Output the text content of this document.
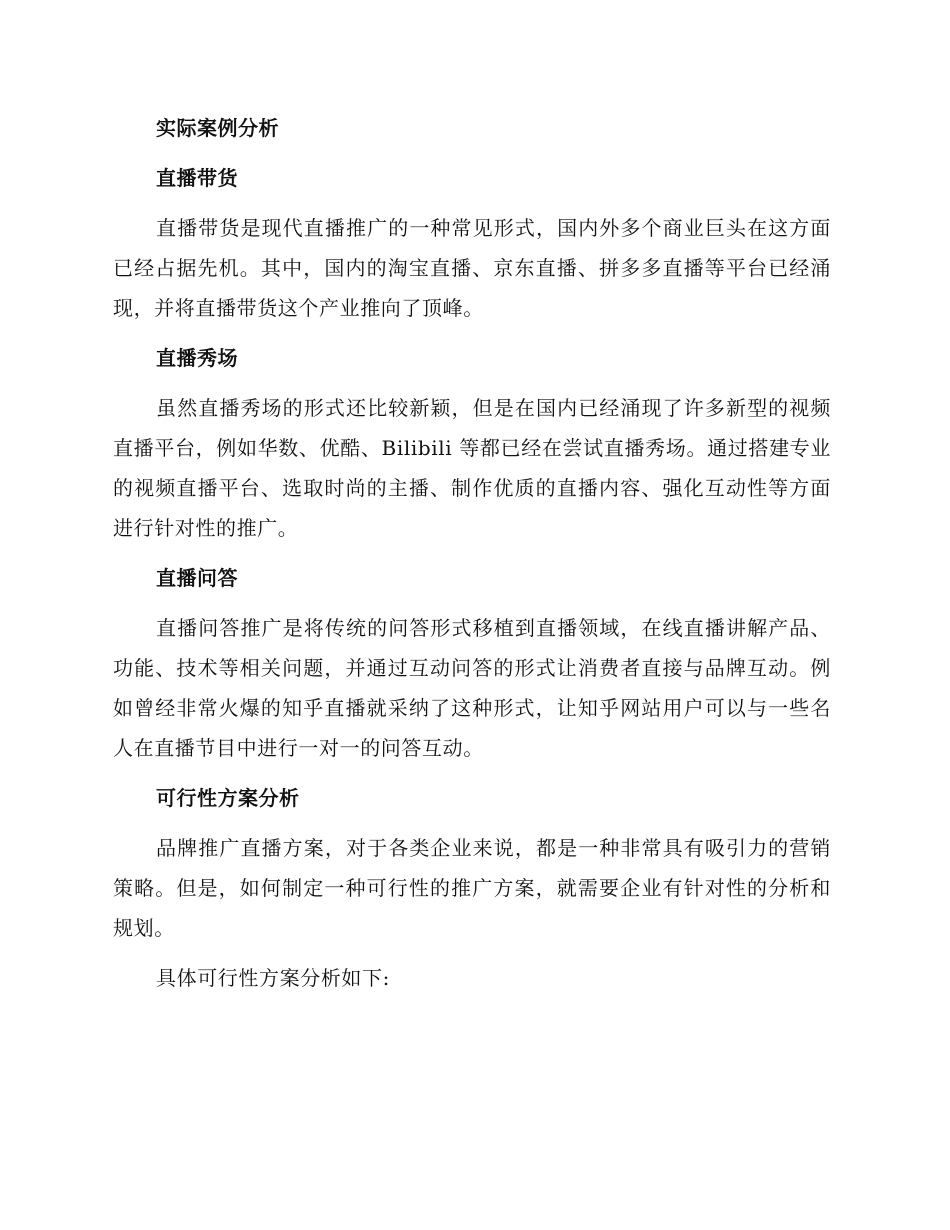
实际案例分析
直播带货

直播带货是现代直播推广的一种常见形式，国内外多个商业巨头在这方面已经占据先机。其中，国内的淘宝直播、京东直播、拼多多直播等平台已经涌现，并将直播带货这个产业推向了顶峰。

直播秀场

虽然直播秀场的形式还比较新颖，但是在国内已经涌现了许多新型的视频直播平台，例如华数、优酷、Bilibili 等都已经在尝试直播秀场。通过搭建专业的视频直播平台、选取时尚的主播、制作优质的直播内容、强化互动性等方面进行针对性的推广。

直播问答

直播问答推广是将传统的问答形式移植到直播领域，在线直播讲解产品、功能、技术等相关问题，并通过互动问答的形式让消费者直接与品牌互动。例如曾经非常火爆的知乎直播就采纳了这种形式，让知乎网站用户可以与一些名人在直播节目中进行一对一的问答互动。

可行性方案分析

品牌推广直播方案，对于各类企业来说，都是一种非常具有吸引力的营销策略。但是，如何制定一种可行性的推广方案，就需要企业有针对性的分析和规划。

具体可行性方案分析如下:
